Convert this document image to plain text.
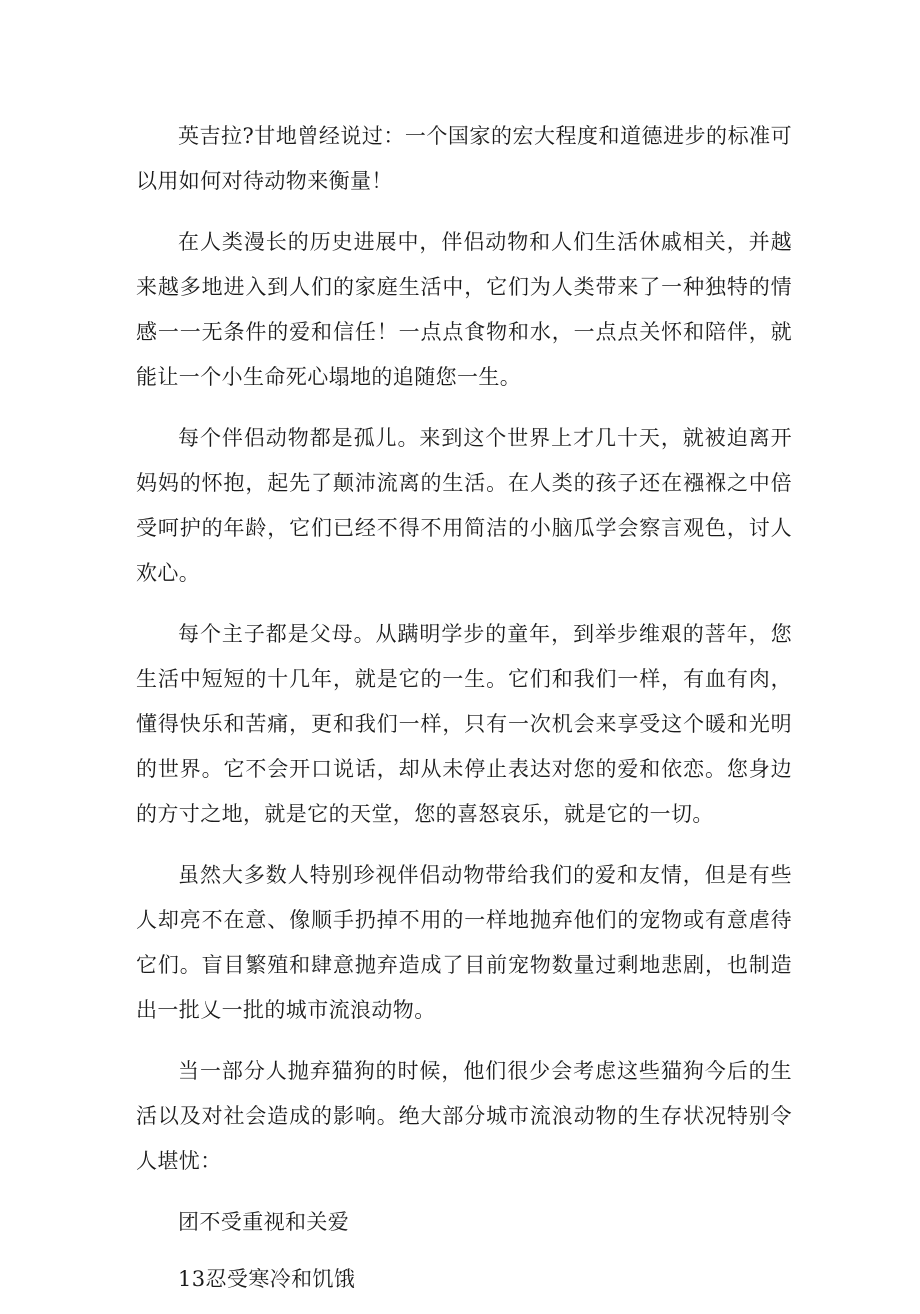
英吉拉?甘地曾经说过：一个国家的宏大程度和道德进步的标准可以用如何对待动物来衡量！

在人类漫长的历史进展中，伴侣动物和人们生活休戚相关，并越来越多地进入到人们的家庭生活中，它们为人类带来了一种独特的情感一一无条件的爱和信任！一点点食物和水，一点点关怀和陪伴，就能让一个小生命死心塌地的追随您一生。

每个伴侣动物都是孤儿。来到这个世界上才几十天，就被迫离开妈妈的怀抱，起先了颠沛流离的生活。在人类的孩子还在襁褓之中倍受呵护的年龄，它们已经不得不用简洁的小脑瓜学会察言观色，讨人欢心。

每个主子都是父母。从蹒明学步的童年，到举步维艰的菩年，您生活中短短的十几年，就是它的一生。它们和我们一样，有血有肉，懂得快乐和苦痛，更和我们一样，只有一次机会来享受这个暖和光明的世界。它不会开口说话，却从未停止表达对您的爱和依恋。您身边的方寸之地，就是它的天堂，您的喜怒哀乐，就是它的一切。

虽然大多数人特别珍视伴侣动物带给我们的爱和友情，但是有些人却亮不在意、像顺手扔掉不用的一样地抛弃他们的宠物或有意虐待它们。盲目繁殖和肆意抛弃造成了目前宠物数量过剩地悲剧，也制造出一批乂一批的城市流浪动物。

当一部分人抛弃猫狗的时候，他们很少会考虑这些猫狗今后的生活以及对社会造成的影响。绝大部分城市流浪动物的生存状况特别令人堪忧：

团不受重视和关爱

13忍受寒冷和饥饿
